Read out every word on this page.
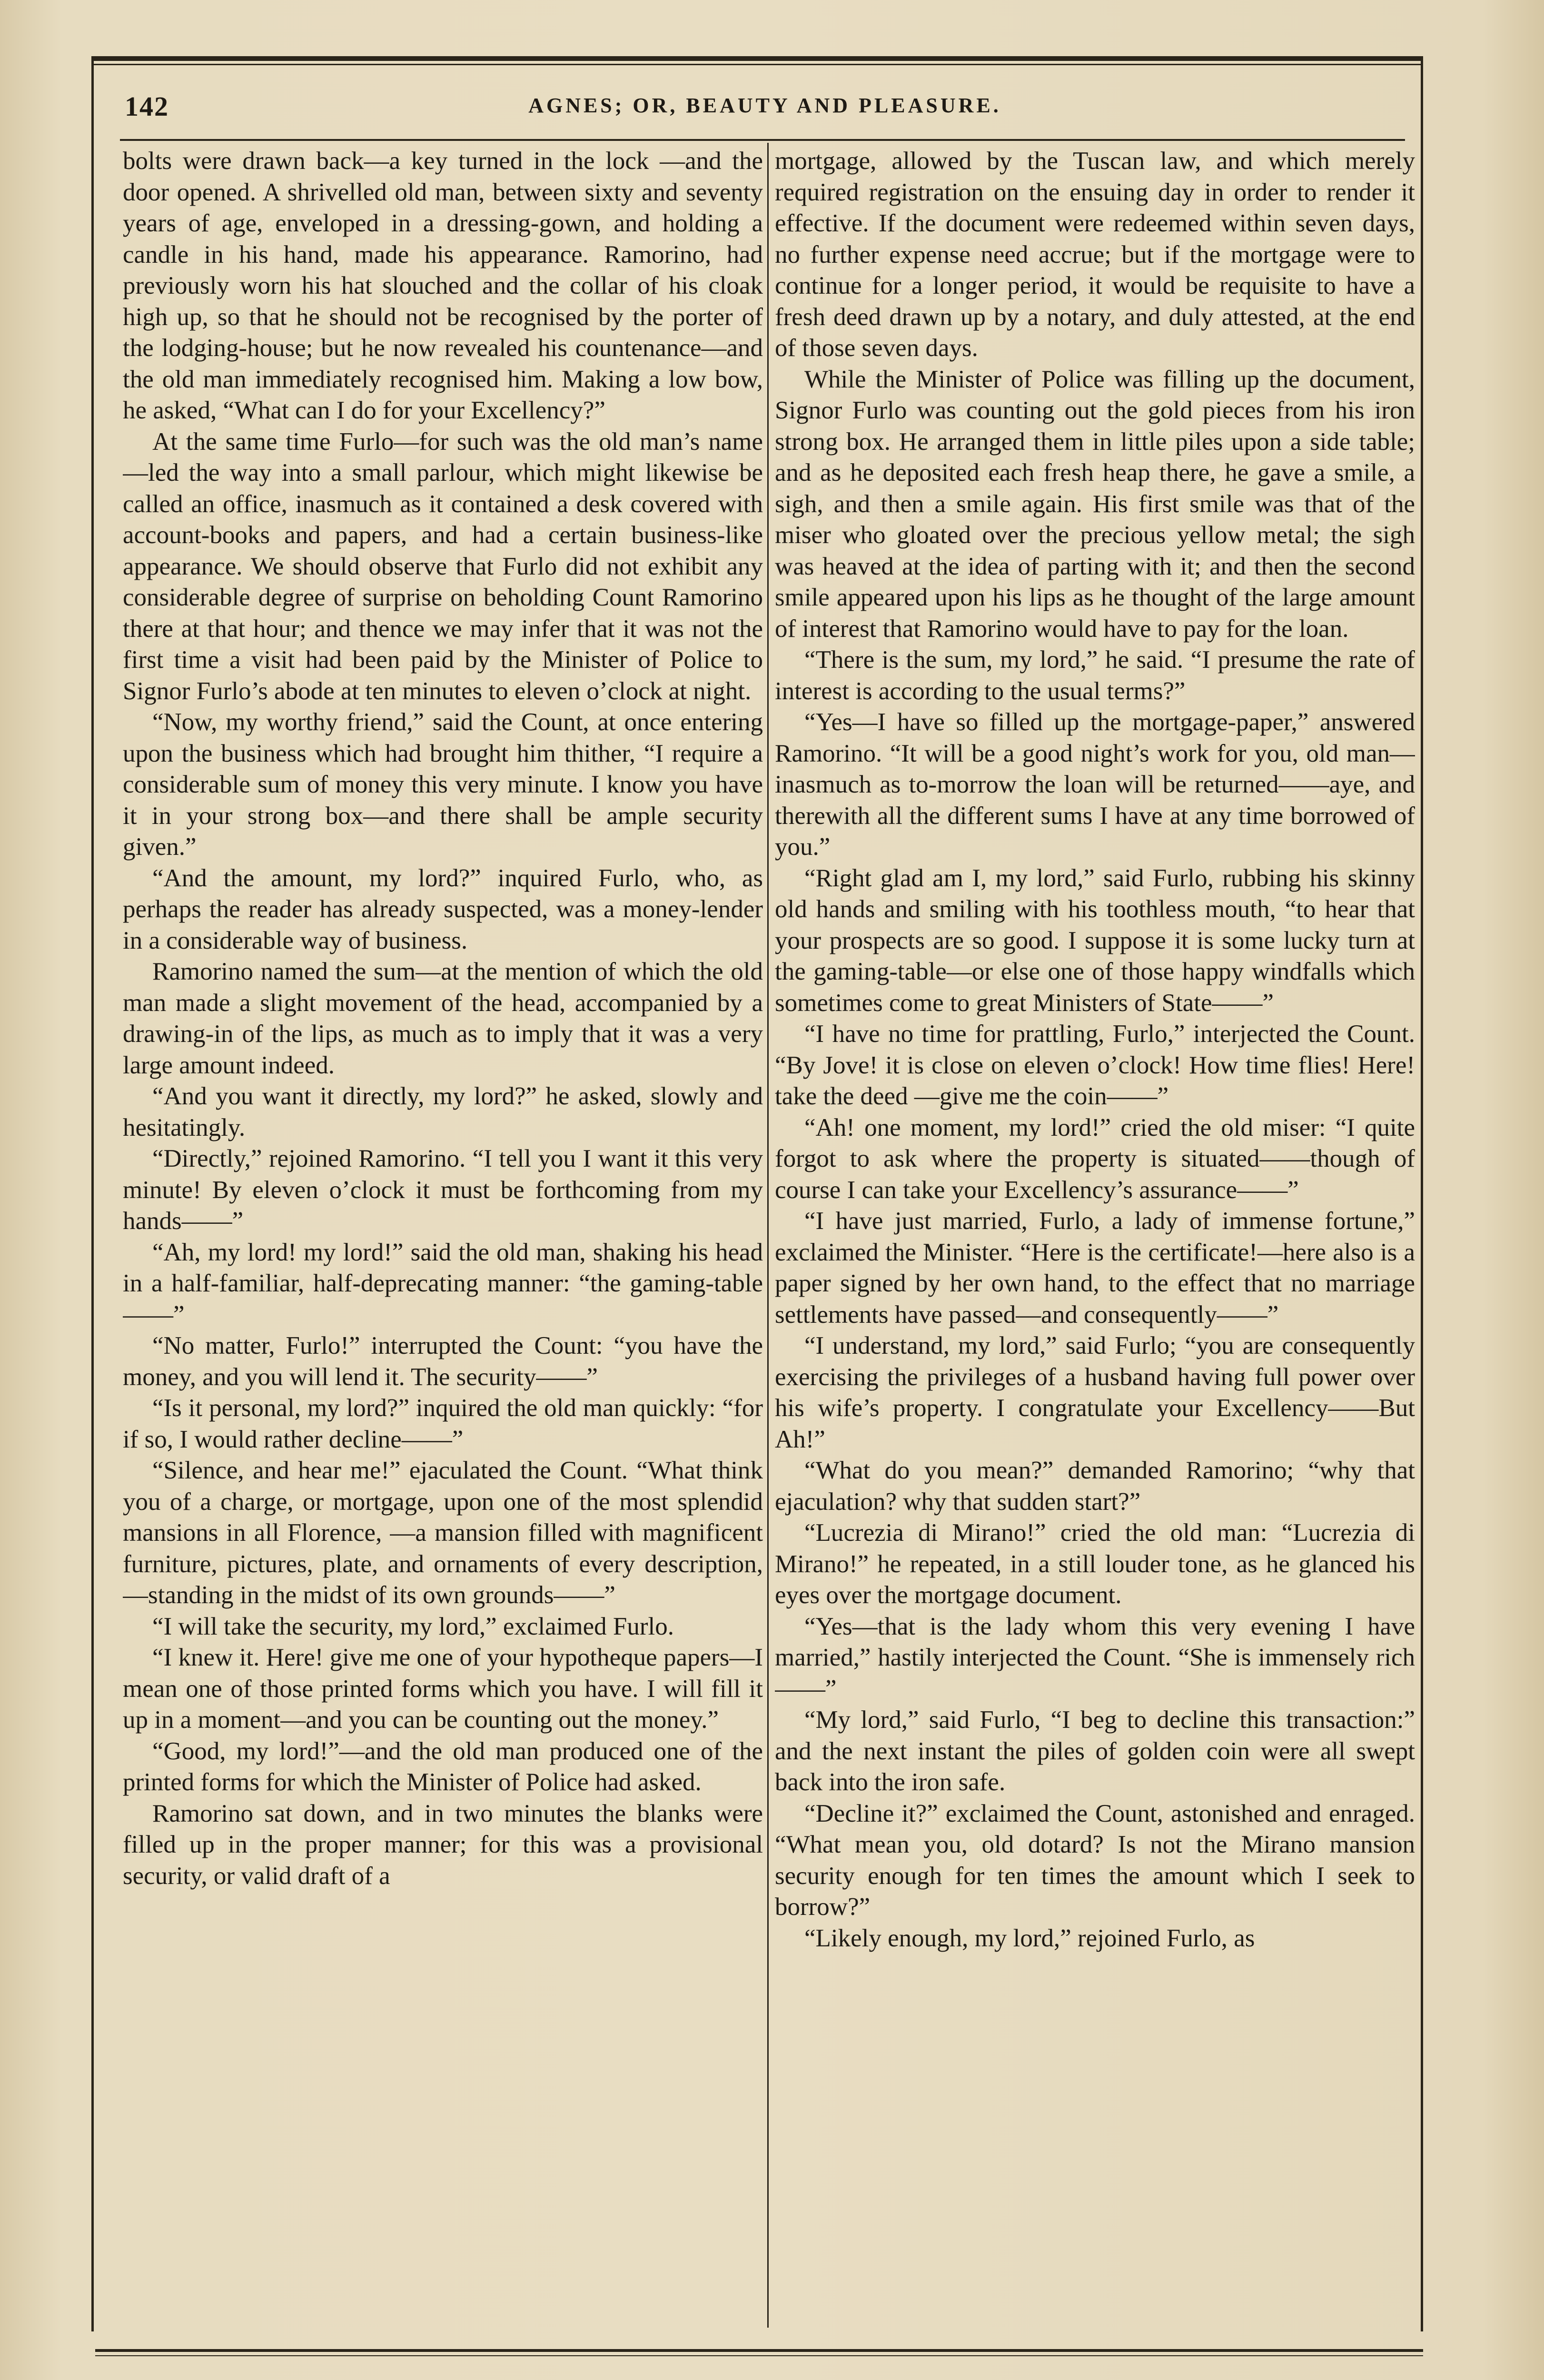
142	AGNES; OR, BEAUTY AND PLEASURE.

bolts were drawn back—a key turned in the lock —and the door opened. A shrivelled old man, between sixty and seventy years of age, enveloped in a dressing-gown, and holding a candle in his hand, made his appearance. Ramorino, had previously worn his hat slouched and the collar of his cloak high up, so that he should not be recognised by the porter of the lodging-house; but he now revealed his countenance—and the old man immediately recognised him. Making a low bow, he asked, “What can I do for your Excellency?”

At the same time Furlo—for such was the old man’s name—led the way into a small parlour, which might likewise be called an office, inasmuch as it contained a desk covered with account-books and papers, and had a certain business-like appearance. We should observe that Furlo did not exhibit any considerable degree of surprise on beholding Count Ramorino there at that hour; and thence we may infer that it was not the first time a visit had been paid by the Minister of Police to Signor Furlo’s abode at ten minutes to eleven o’clock at night.

“Now, my worthy friend,” said the Count, at once entering upon the business which had brought him thither, “I require a considerable sum of money this very minute. I know you have it in your strong box—and there shall be ample security given.”

“And the amount, my lord?” inquired Furlo, who, as perhaps the reader has already suspected, was a money-lender in a considerable way of business.

Ramorino named the sum—at the mention of which the old man made a slight movement of the head, accompanied by a drawing-in of the lips, as much as to imply that it was a very large amount indeed.

“And you want it directly, my lord?” he asked, slowly and hesitatingly.

“Directly,” rejoined Ramorino. “I tell you I want it this very minute! By eleven o’clock it must be forthcoming from my hands——”

“Ah, my lord! my lord!” said the old man, shaking his head in a half-familiar, half-deprecating manner: “the gaming-table——”

“No matter, Furlo!” interrupted the Count: “you have the money, and you will lend it. The security——”

“Is it personal, my lord?” inquired the old man quickly: “for if so, I would rather decline——”

“Silence, and hear me!” ejaculated the Count. “What think you of a charge, or mortgage, upon one of the most splendid mansions in all Florence, —a mansion filled with magnificent furniture, pictures, plate, and ornaments of every description, —standing in the midst of its own grounds——”

“I will take the security, my lord,” exclaimed Furlo.

“I knew it. Here! give me one of your hypotheque papers—I mean one of those printed forms which you have. I will fill it up in a moment—and you can be counting out the money.”

“Good, my lord!”—and the old man produced one of the printed forms for which the Minister of Police had asked.

Ramorino sat down, and in two minutes the blanks were filled up in the proper manner; for this was a provisional security, or valid draft of a

mortgage, allowed by the Tuscan law, and which merely required registration on the ensuing day in order to render it effective. If the document were redeemed within seven days, no further expense need accrue; but if the mortgage were to continue for a longer period, it would be requisite to have a fresh deed drawn up by a notary, and duly attested, at the end of those seven days.

While the Minister of Police was filling up the document, Signor Furlo was counting out the gold pieces from his iron strong box. He arranged them in little piles upon a side table; and as he deposited each fresh heap there, he gave a smile, a sigh, and then a smile again. His first smile was that of the miser who gloated over the precious yellow metal; the sigh was heaved at the idea of parting with it; and then the second smile appeared upon his lips as he thought of the large amount of interest that Ramorino would have to pay for the loan.

“There is the sum, my lord,” he said. “I presume the rate of interest is according to the usual terms?”

“Yes—I have so filled up the mortgage-paper,” answered Ramorino. “It will be a good night’s work for you, old man—inasmuch as to-morrow the loan will be returned——aye, and therewith all the different sums I have at any time borrowed of you.”

“Right glad am I, my lord,” said Furlo, rubbing his skinny old hands and smiling with his toothless mouth, “to hear that your prospects are so good. I suppose it is some lucky turn at the gaming-table—or else one of those happy windfalls which sometimes come to great Ministers of State——”

“I have no time for prattling, Furlo,” interjected the Count. “By Jove! it is close on eleven o’clock! How time flies! Here! take the deed —give me the coin——”

“Ah! one moment, my lord!” cried the old miser: “I quite forgot to ask where the property is situated——though of course I can take your Excellency’s assurance——”

“I have just married, Furlo, a lady of immense fortune,” exclaimed the Minister. “Here is the certificate!—here also is a paper signed by her own hand, to the effect that no marriage settlements have passed—and consequently——”

“I understand, my lord,” said Furlo; “you are consequently exercising the privileges of a husband having full power over his wife’s property. I congratulate your Excellency——But Ah!”

“What do you mean?” demanded Ramorino; “why that ejaculation? why that sudden start?”

“Lucrezia di Mirano!” cried the old man: “Lucrezia di Mirano!” he repeated, in a still louder tone, as he glanced his eyes over the mortgage document.

“Yes—that is the lady whom this very evening I have married,” hastily interjected the Count. “She is immensely rich——”

“My lord,” said Furlo, “I beg to decline this transaction:” and the next instant the piles of golden coin were all swept back into the iron safe.

“Decline it?” exclaimed the Count, astonished and enraged. “What mean you, old dotard? Is not the Mirano mansion security enough for ten times the amount which I seek to borrow?”

“Likely enough, my lord,” rejoined Furlo, as
